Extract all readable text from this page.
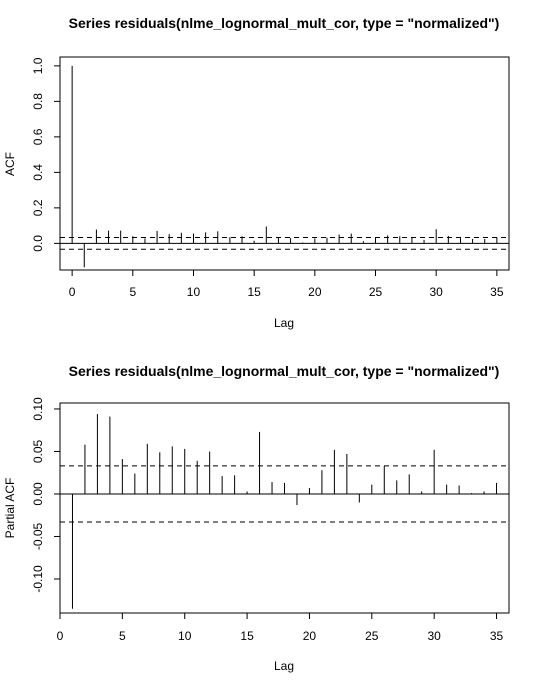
Series residuals(nlme_lognormal_mult_cor, type = "normalized")
Lag
ACF
0	5	10	15	20	25	30	35
0.0
0.2
0.4
0.6
0.8
1.0
Series residuals(nlme_lognormal_mult_cor, type = "normalized")
Lag
Partial ACF
0	5	10	15	20	25	30	35
-0.10
-0.05
0.00
0.05
0.10
